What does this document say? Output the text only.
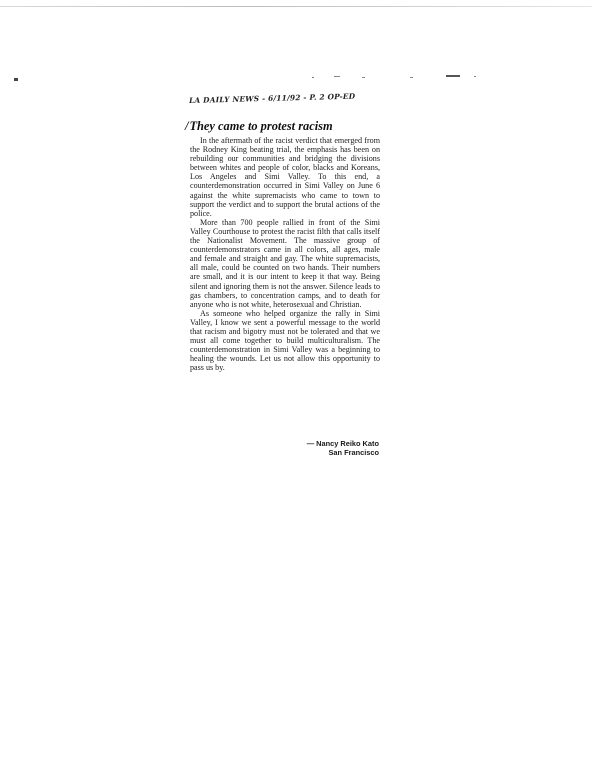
LA DAILY NEWS - 6/11/92 - P. 2 OP-ED
/They came to protest racism

In the aftermath of the racist verdict that emerged from the Rodney King beating trial, the emphasis has been on rebuilding our communities and bridging the divisions between whites and people of color, blacks and Koreans, Los Angeles and Simi Valley. To this end, a counterdemonstration occurred in Simi Valley on June 6 against the white supremacists who came to town to support the verdict and to support the brutal actions of the police.

More than 700 people rallied in front of the Simi Valley Courthouse to protest the racist filth that calls itself the Nationalist Movement. The massive group of counterdemonstrators came in all colors, all ages, male and female and straight and gay. The white supremacists, all male, could be counted on two hands. Their numbers are small, and it is our intent to keep it that way. Being silent and ignoring them is not the answer. Silence leads to gas chambers, to concentration camps, and to death for anyone who is not white, heterosexual and Christian.

As someone who helped organize the rally in Simi Valley, I know we sent a powerful message to the world that racism and bigotry must not be tolerated and that we must all come together to build multiculturalism. The counterdemonstration in Simi Valley was a beginning to healing the wounds. Let us not allow this opportunity to pass us by.

— Nancy Reiko Kato
San Francisco
